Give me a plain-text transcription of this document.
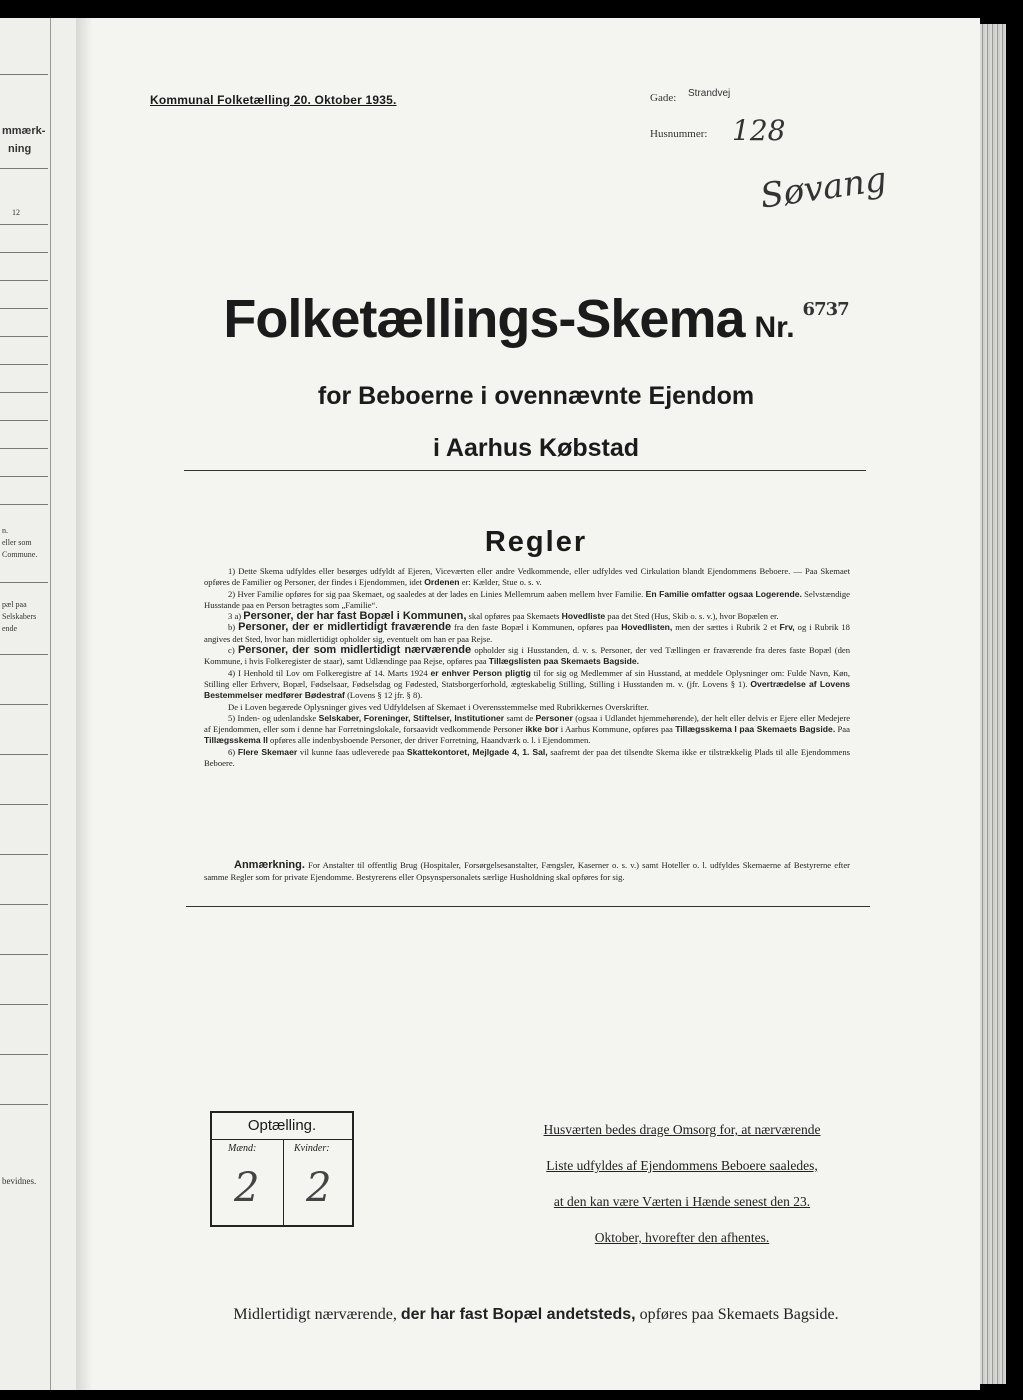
mmærk-
ning
12
n.
eller som
Commune.
pæl paa
Selskabers
ende
bevidnes.
Kommunal Folketælling 20. Oktober 1935.	Gade: Strandvej
Husnummer: 128
Søvang
Folketællings-Skema Nr.$^{6737}$
for Beboerne i ovennævnte Ejendom
i Aarhus Købstad
Regler

1) Dette Skema udfyldes eller besørges udfyldt af Ejeren, Viceværten eller andre Vedkommende, eller udfyldes ved Cirkulation blandt Ejendommens Beboere. — Paa Skemaet opføres de Familier og Personer, der findes i Ejendommen, idet Ordenen er: Kælder, Stue o. s. v.

2) Hver Familie opføres for sig paa Skemaet, og saaledes at der lades en Linies Mellemrum aaben mellem hver Familie. En Familie omfatter ogsaa Logerende. Selvstændige Husstande paa en Person betragtes som „Familie“.

3 a) Personer, der har fast Bopæl i Kommunen, skal opføres paa Skemaets Hovedliste paa det Sted (Hus, Skib o. s. v.), hvor Bopælen er.

b) Personer, der er midlertidigt fraværende fra den faste Bopæl i Kommunen, opføres paa Hovedlisten, men der sættes i Rubrik 2 et Frv, og i Rubrik 18 angives det Sted, hvor han midlertidigt opholder sig, eventuelt om han er paa Rejse.

c) Personer, der som midlertidigt nærværende opholder sig i Husstanden, d. v. s. Personer, der ved Tællingen er fraværende fra deres faste Bopæl (den Kommune, i hvis Folkeregister de staar), samt Udlændinge paa Rejse, opføres paa Tillægslisten paa Skemaets Bagside.

4) I Henhold til Lov om Folkeregistre af 14. Marts 1924 er enhver Person pligtig til for sig og Medlemmer af sin Husstand, at meddele Oplysninger om: Fulde Navn, Køn, Stilling eller Erhverv, Bopæl, Fødselsaar, Fødselsdag og Fødested, Statsborgerforhold, ægteskabelig Stilling, Stilling i Husstanden m. v. (jfr. Lovens § 1). Overtrædelse af Lovens Bestemmelser medfører Bødestraf (Lovens § 12 jfr. § 8).

De i Loven begærede Oplysninger gives ved Udfyldelsen af Skemaet i Overensstemmelse med Rubrikkernes Overskrifter.

5) Inden- og udenlandske Selskaber, Foreninger, Stiftelser, Institutioner samt de Personer (ogsaa i Udlandet hjemmehørende), der helt eller delvis er Ejere eller Medejere af Ejendommen, eller som i denne har Forretningslokale, forsaavidt vedkommende Personer ikke bor i Aarhus Kommune, opføres paa Tillægsskema I paa Skemaets Bagside. Paa Tillægsskema II opføres alle indenbysboende Personer, der driver Forretning, Haandværk o. l. i Ejendommen.

6) Flere Skemaer vil kunne faas udleverede paa Skattekontoret, Mejlgade 4, 1. Sal, saafremt der paa det tilsendte Skema ikke er tilstrækkelig Plads til alle Ejendommens Beboere.

Anmærkning. For Anstalter til offentlig Brug (Hospitaler, Forsørgelsesanstalter, Fængsler, Kaserner o. s. v.) samt Hoteller o. l. udfyldes Skemaerne af Bestyrerne efter samme Regler som for private Ejendomme. Bestyrerens eller Opsynspersonalets særlige Husholdning skal opføres for sig.
Optælling.
Mænd:	Kvinder:
2 2
Husværten bedes drage Omsorg for, at nærværende
Liste udfyldes af Ejendommens Beboere saaledes,
at den kan være Værten i Hænde senest den 23.
Oktober, hvorefter den afhentes.
Midlertidigt nærværende, der har fast Bopæl andetsteds, opføres paa Skemaets Bagside.
